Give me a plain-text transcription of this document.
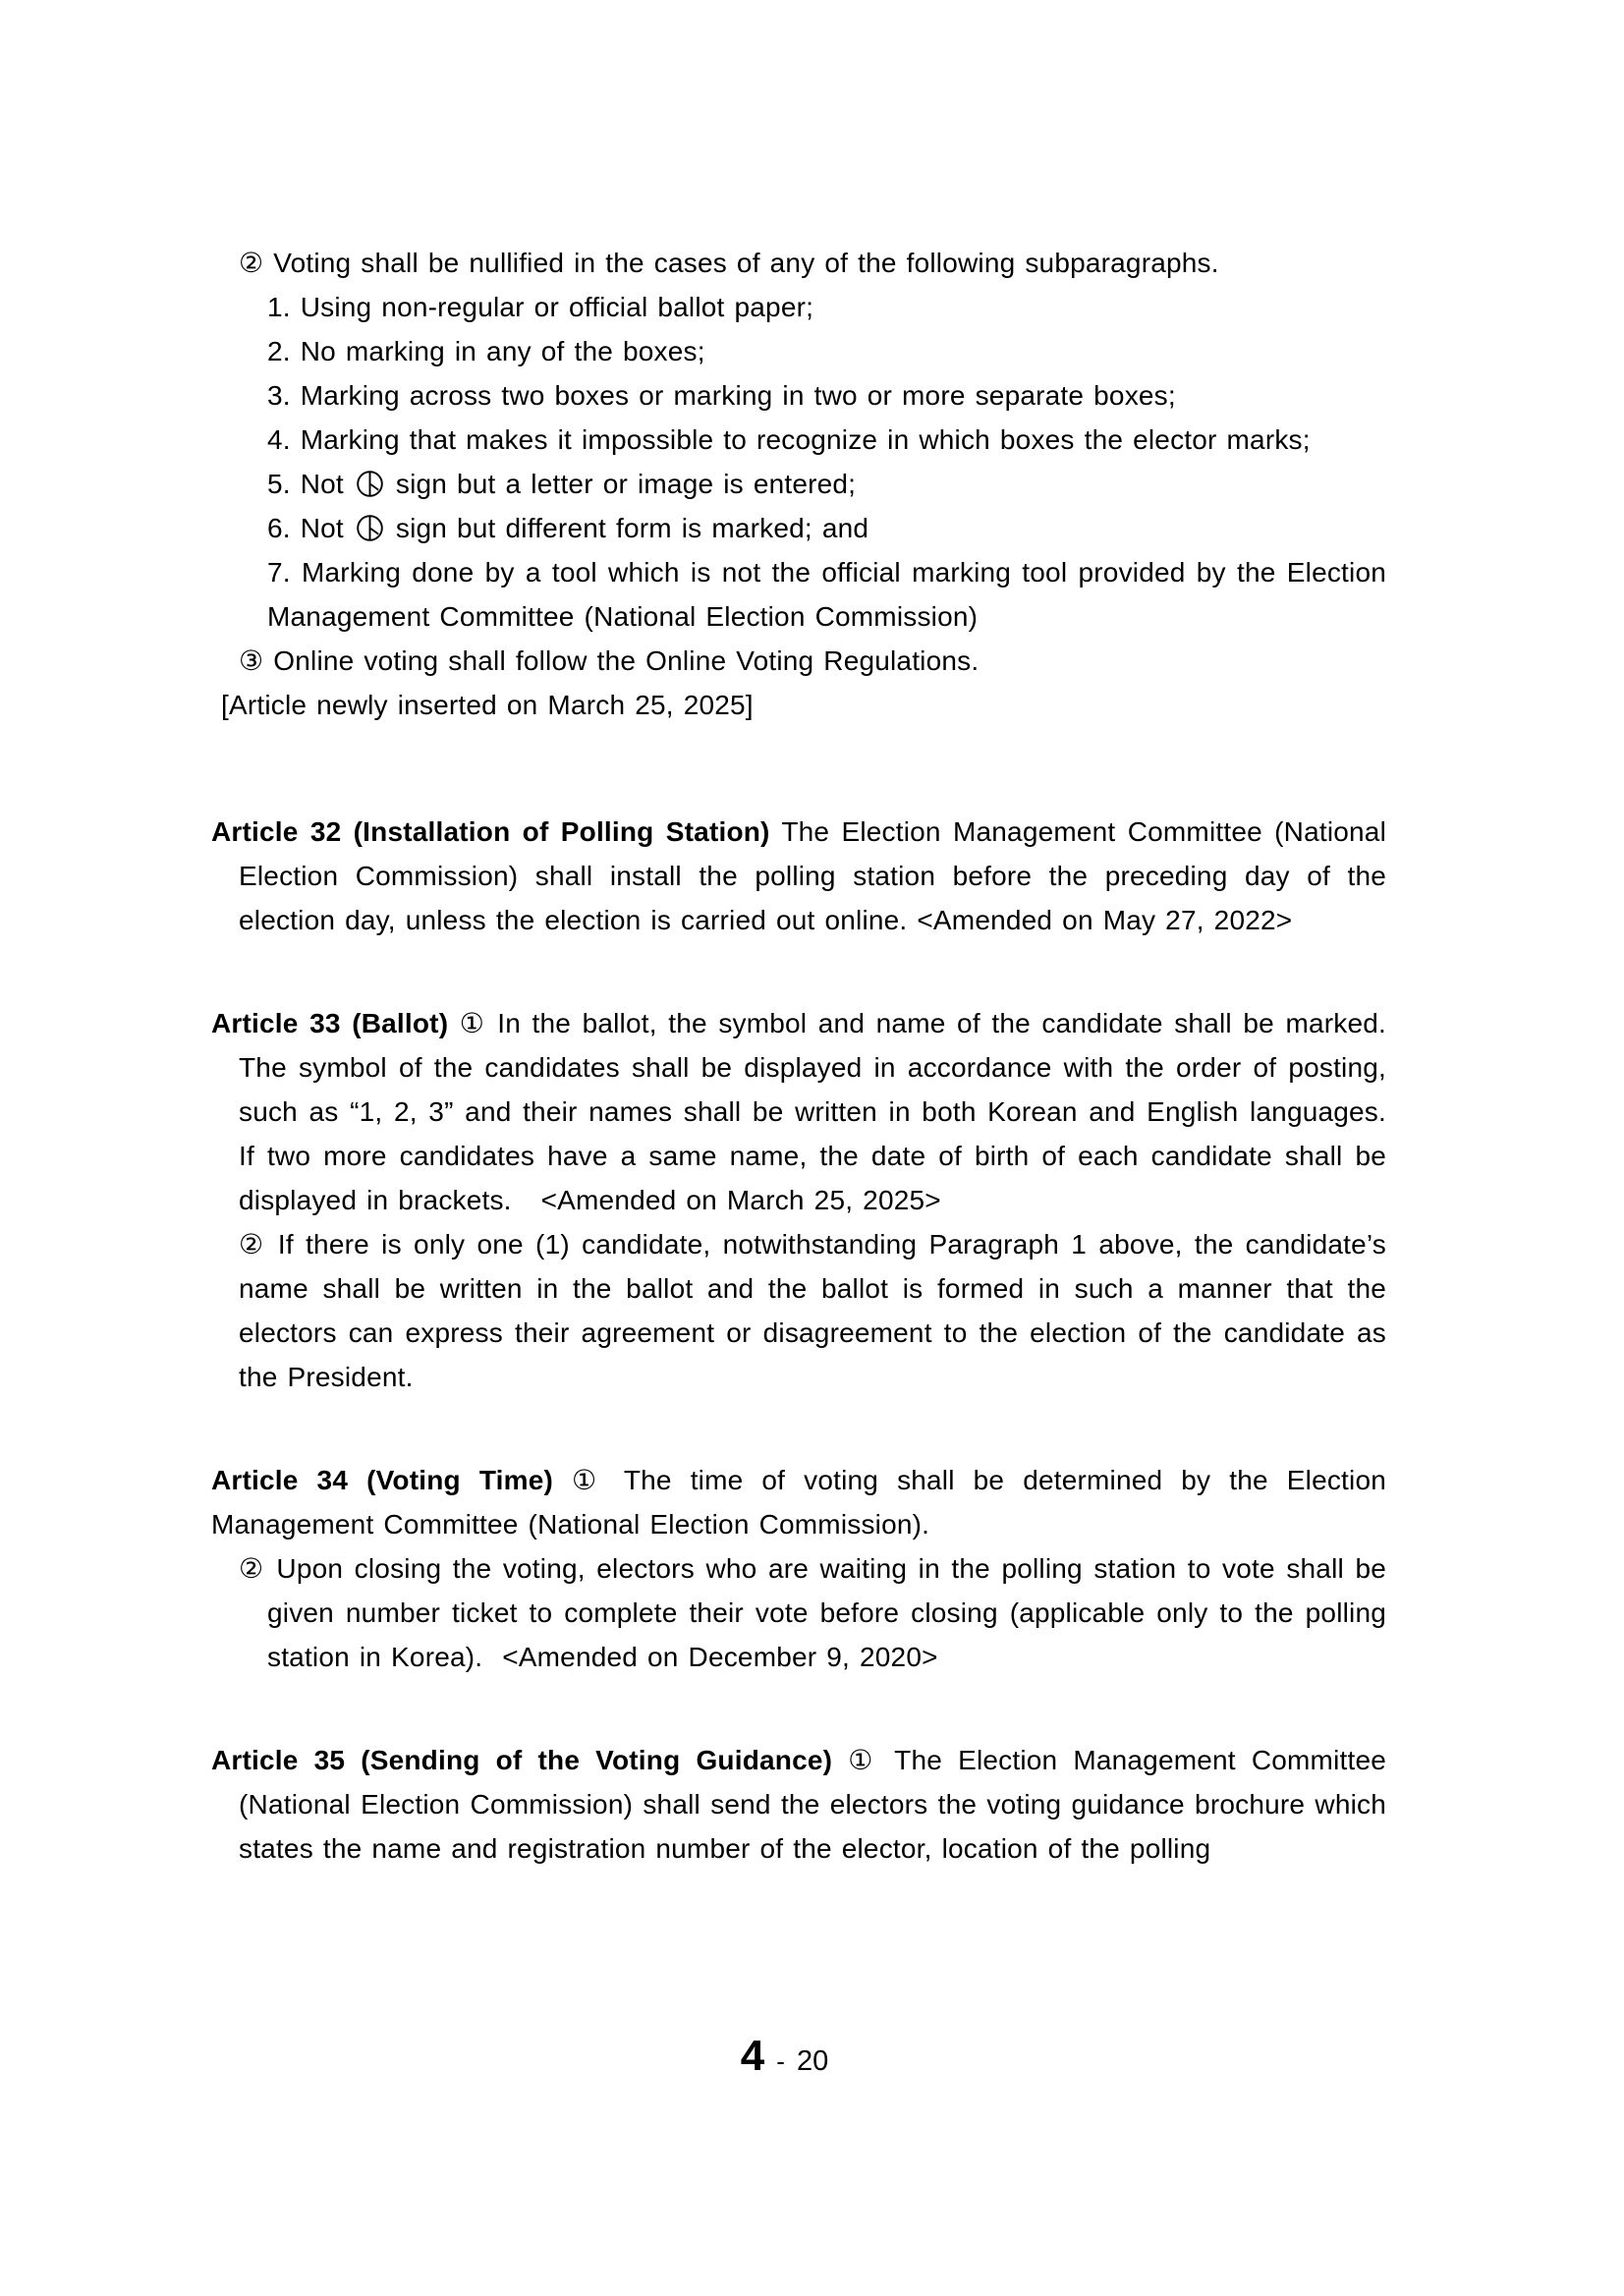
② Voting shall be nullified in the cases of any of the following subparagraphs.

1. Using non-regular or official ballot paper;

2. No marking in any of the boxes;

3. Marking across two boxes or marking in two or more separate boxes;

4. Marking that makes it impossible to recognize in which boxes the elector marks;

5. Not
sign but a letter or image is entered;

6. Not
sign but different form is marked; and

7. Marking done by a tool which is not the official marking tool provided by the Election Management Committee (National Election Commission)

③ Online voting shall follow the Online Voting Regulations.

[Article newly inserted on March 25, 2025]

Article 32 (Installation of Polling Station) The Election Management Committee (National Election Commission) shall install the polling station before the preceding day of the election day, unless the election is carried out online. <Amended on May 27, 2022>

Article 33 (Ballot) ① In the ballot, the symbol and name of the candidate shall be marked. The symbol of the candidates shall be displayed in accordance with the order of posting, such as “1, 2, 3” and their names shall be written in both Korean and English languages.  If two more candidates have a same name, the date of birth of each candidate shall be displayed in brackets.   <Amended on March 25, 2025>

② If there is only one (1) candidate, notwithstanding Paragraph 1 above, the candidate’s name shall be written in the ballot and the ballot is formed in such a manner that the electors can express their agreement or disagreement to the election of the candidate as the President.

Article 34 (Voting Time) ① The time of voting shall be determined by the Election Management Committee (National Election Commission).

② Upon closing the voting, electors who are waiting in the polling station to vote shall be given number ticket to complete their vote before closing (applicable only to the polling station in Korea).  <Amended on December 9, 2020>

Article 35 (Sending of the Voting Guidance) ① The Election Management Committee (National Election Commission) shall send the electors the voting guidance brochure which states the name and registration number of the elector, location of the polling

4 - 20
